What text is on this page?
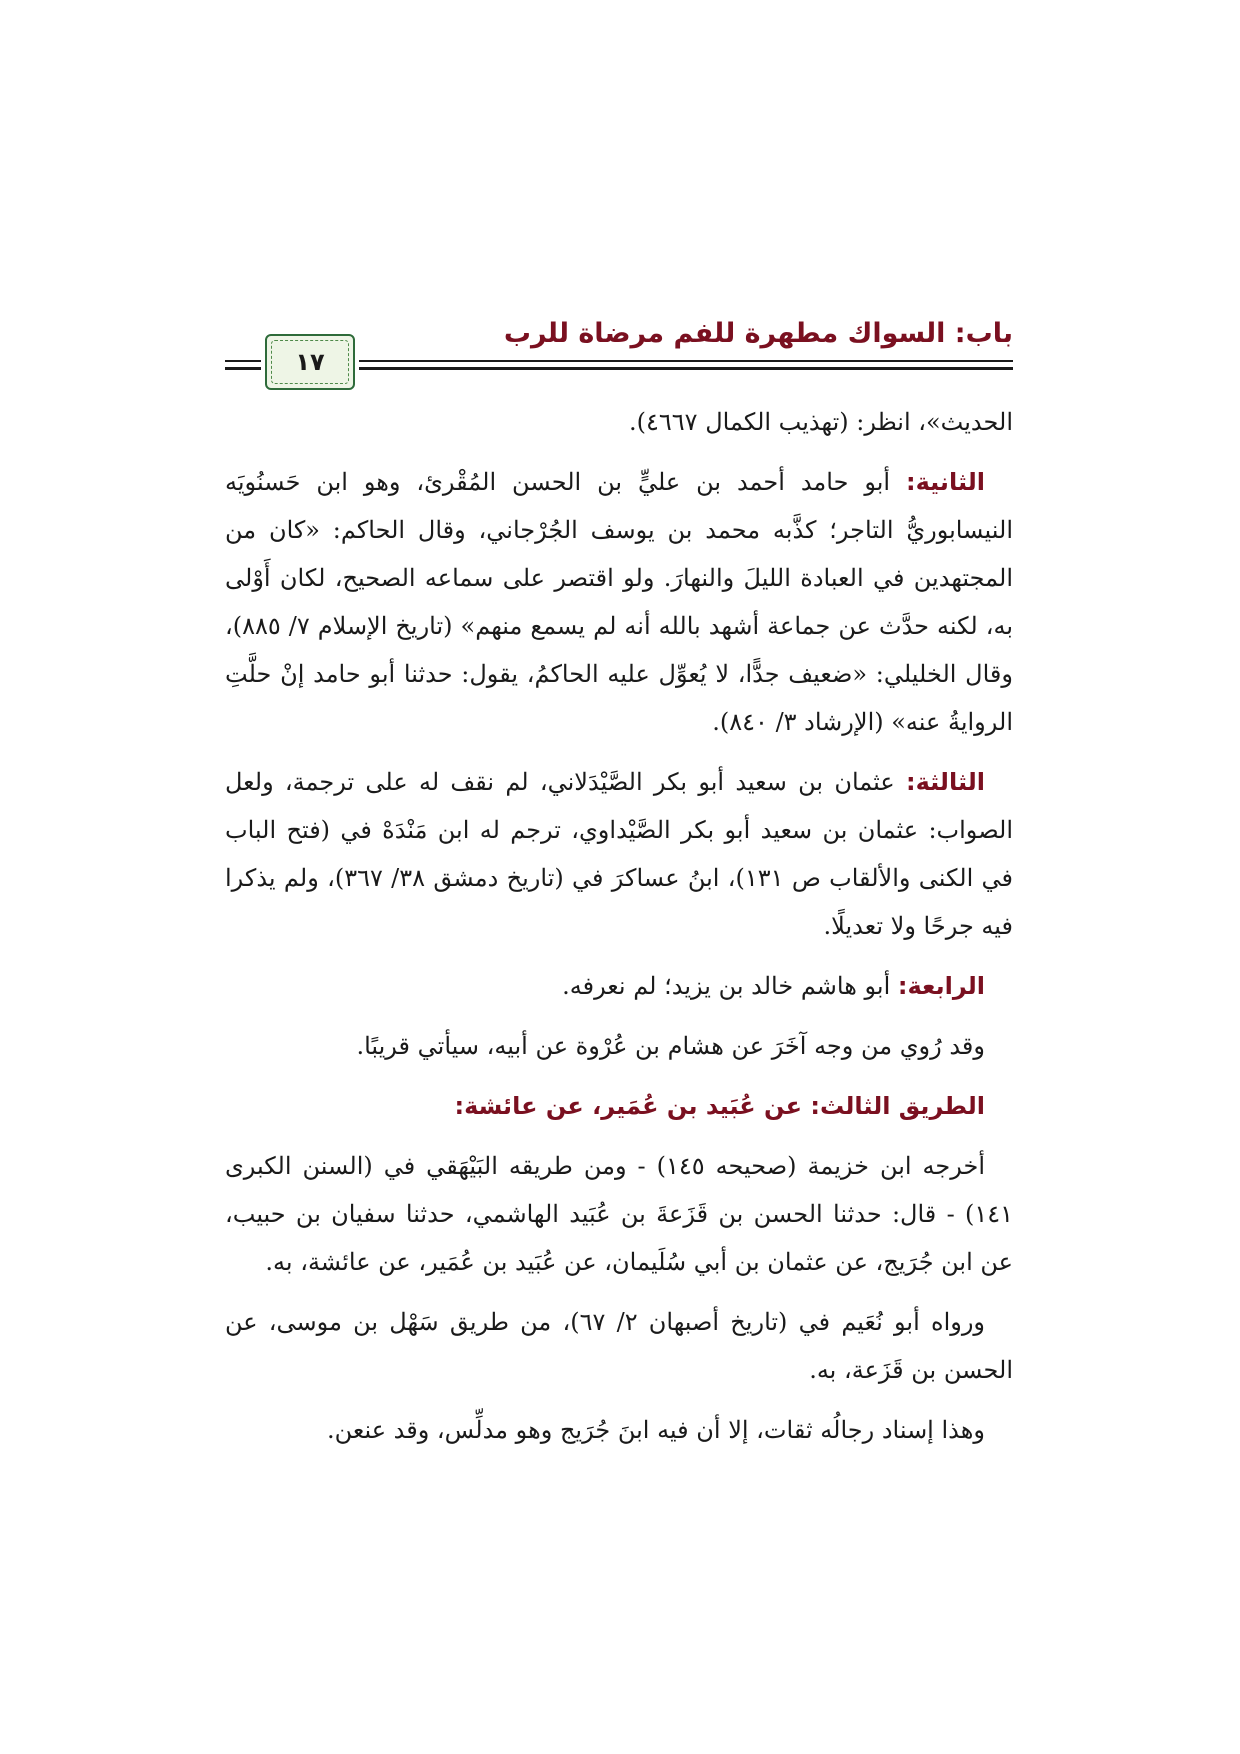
باب: السواك مطهرة للفم مرضاة للرب
١٧

الحديث»، انظر: (تهذيب الكمال ٤٦٦٧).

الثانية: أبو حامد أحمد بن عليٍّ بن الحسن المُقْرئ، وهو ابن حَسنُويَه النيسابوريُّ التاجر؛ كذَّبه محمد بن يوسف الجُرْجاني، وقال الحاكم: «كان من المجتهدين في العبادة الليلَ والنهارَ. ولو اقتصر على سماعه الصحيح، لكان أَوْلى به، لكنه حدَّث عن جماعة أشهد بالله أنه لم يسمع منهم» (تاريخ الإسلام ٧/ ٨٨٥)، وقال الخليلي: «ضعيف جدًّا، لا يُعوِّل عليه الحاكمُ، يقول: حدثنا أبو حامد إنْ حلَّتِ الروايةُ عنه» (الإرشاد ٣/ ٨٤٠).

الثالثة: عثمان بن سعيد أبو بكر الصَّيْدَلاني، لم نقف له على ترجمة، ولعل الصواب: عثمان بن سعيد أبو بكر الصَّيْداوي، ترجم له ابن مَنْدَهْ في (فتح الباب في الكنى والألقاب ص ١٣١)، ابنُ عساكرَ في (تاريخ دمشق ٣٨/ ٣٦٧)، ولم يذكرا فيه جرحًا ولا تعديلًا.

الرابعة: أبو هاشم خالد بن يزيد؛ لم نعرفه.

وقد رُوي من وجه آخَرَ عن هشام بن عُرْوة عن أبيه، سيأتي قريبًا.

الطريق الثالث: عن عُبَيد بن عُمَير، عن عائشة:

أخرجه ابن خزيمة (صحيحه ١٤٥) - ومن طريقه البَيْهَقي في (السنن الكبرى ١٤١) - قال: حدثنا الحسن بن قَزَعةَ بن عُبَيد الهاشمي، حدثنا سفيان بن حبيب، عن ابن جُرَيج، عن عثمان بن أبي سُلَيمان، عن عُبَيد بن عُمَير، عن عائشة، به.

ورواه أبو نُعَيم في (تاريخ أصبهان ٢/ ٦٧)، من طريق سَهْل بن موسى، عن الحسن بن قَزَعة، به.

وهذا إسناد رجالُه ثقات، إلا أن فيه ابنَ جُرَيج وهو مدلِّس، وقد عنعن.
